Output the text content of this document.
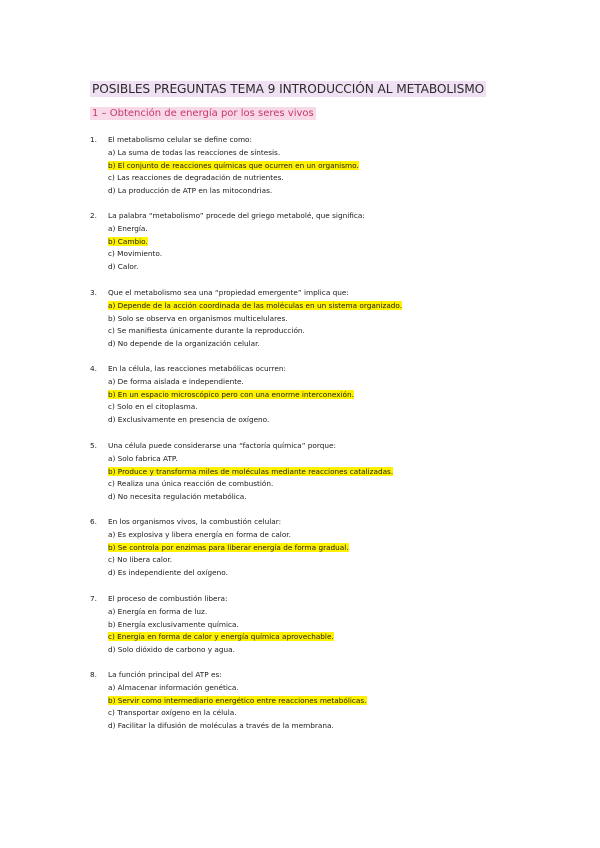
POSIBLES PREGUNTAS TEMA 9 INTRODUCCIÓN AL METABOLISMO
1 – Obtención de energía por los seres vivos
1.	El metabolismo celular se define como:
a) La suma de todas las reacciones de síntesis.
b) El conjunto de reacciones químicas que ocurren en un organismo.
c) Las reacciones de degradación de nutrientes.
d) La producción de ATP en las mitocondrias.
2.	La palabra “metabolismo” procede del griego metabolé, que significa:
a) Energía.
b) Cambio.
c) Movimiento.
d) Calor.
3.	Que el metabolismo sea una “propiedad emergente” implica que:
a) Depende de la acción coordinada de las moléculas en un sistema organizado.
b) Solo se observa en organismos multicelulares.
c) Se manifiesta únicamente durante la reproducción.
d) No depende de la organización celular.
4.	En la célula, las reacciones metabólicas ocurren:
a) De forma aislada e independiente.
b) En un espacio microscópico pero con una enorme interconexión.
c) Solo en el citoplasma.
d) Exclusivamente en presencia de oxígeno.
5.	Una célula puede considerarse una “factoría química” porque:
a) Solo fabrica ATP.
b) Produce y transforma miles de moléculas mediante reacciones catalizadas.
c) Realiza una única reacción de combustión.
d) No necesita regulación metabólica.
6.	En los organismos vivos, la combustión celular:
a) Es explosiva y libera energía en forma de calor.
b) Se controla por enzimas para liberar energía de forma gradual.
c) No libera calor.
d) Es independiente del oxígeno.
7.	El proceso de combustión libera:
a) Energía en forma de luz.
b) Energía exclusivamente química.
c) Energía en forma de calor y energía química aprovechable.
d) Solo dióxido de carbono y agua.
8.	La función principal del ATP es:
a) Almacenar información genética.
b) Servir como intermediario energético entre reacciones metabólicas.
c) Transportar oxígeno en la célula.
d) Facilitar la difusión de moléculas a través de la membrana.
